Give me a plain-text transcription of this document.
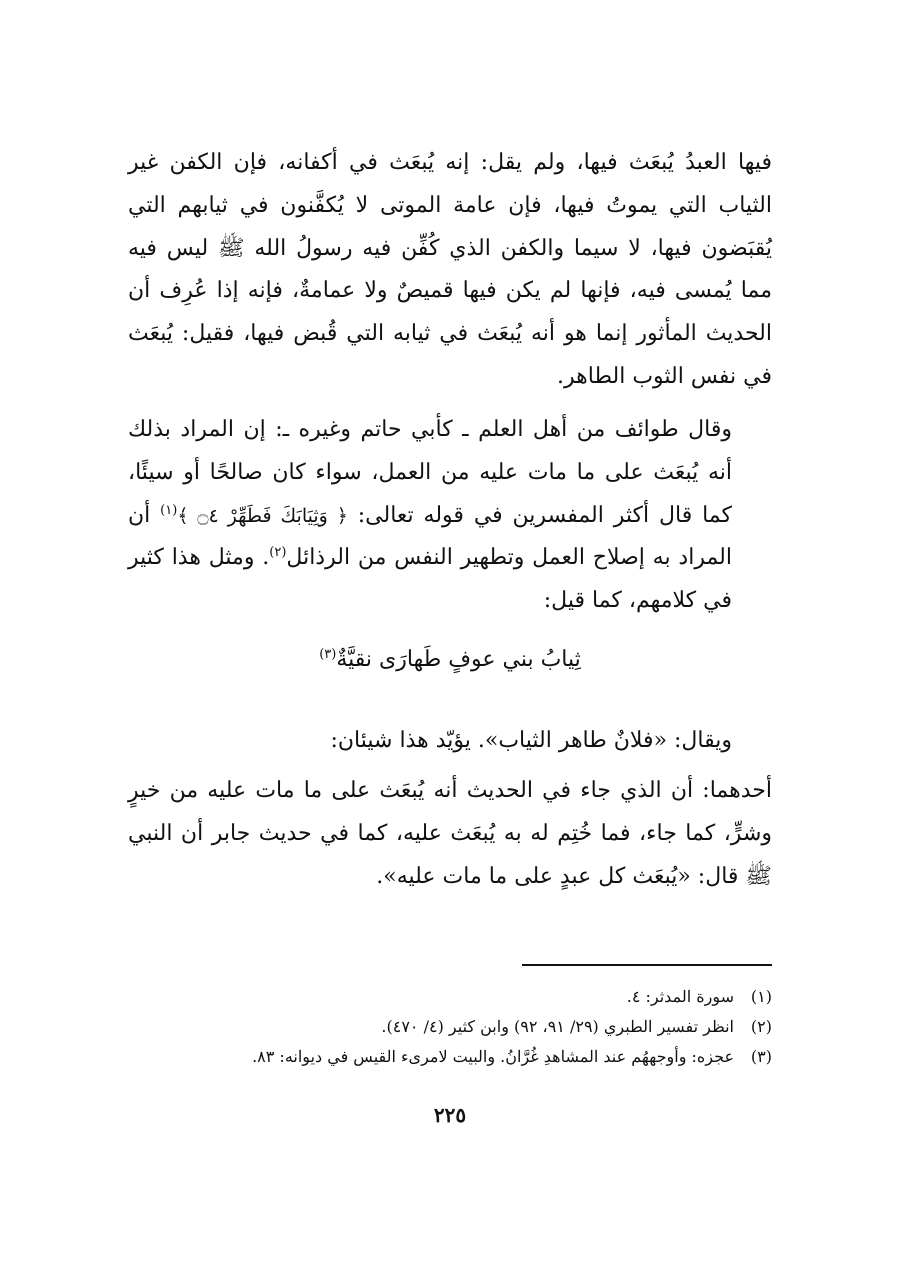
فيها العبدُ يُبعَث فيها، ولم يقل: إنه يُبعَث في أكفانه، فإن الكفن غير الثياب التي يموتُ فيها، فإن عامة الموتى لا يُكفَّنون في ثيابهم التي يُقبَضون فيها، لا سيما والكفن الذي كُفِّن فيه رسولُ الله ﷺ ليس فيه مما يُمسى فيه، فإنها لم يكن فيها قميصٌ ولا عمامةٌ، فإنه إذا عُرِف أن الحديث المأثور إنما هو أنه يُبعَث في ثيابه التي قُبض فيها، فقيل: يُبعَث في نفس الثوب الطاهر.

وقال طوائف من أهل العلم ـ كأبي حاتم وغيره ـ: إن المراد بذلك أنه يُبعَث على ما مات عليه من العمل، سواء كان صالحًا أو سيئًا، كما قال أكثر المفسرين في قوله تعالى: ﴿ وَثِيَابَكَ فَطَهِّرْ ۝٤ ﴾$^{(١)}$ أن المراد به إصلاح العمل وتطهير النفس من الرذائل$^{(٢)}$. ومثل هذا كثير في كلامهم، كما قيل:

ثِيابُ بني عوفٍ طَهارَى نقيَّةٌ$^{(٣)}$

ويقال: «فلانٌ طاهر الثياب». يؤيّد هذا شيئان:

أحدهما: أن الذي جاء في الحديث أنه يُبعَث على ما مات عليه من خيرٍ وشرٍّ، كما جاء، فما خُتِم له به يُبعَث عليه، كما في حديث جابر أن النبي ﷺ قال: «يُبعَث كل عبدٍ على ما مات عليه».

(١)سورة المدثر: ٤.

(٢)انظر تفسير الطبري (٢٩/ ٩١، ٩٢) وابن كثير (٤/ ٤٧٠).

(٣)عجزه: وأوجههُم عند المشاهدِ غُرَّانُ. والبيت لامرىء القيس في ديوانه: ٨٣.

٢٢٥
